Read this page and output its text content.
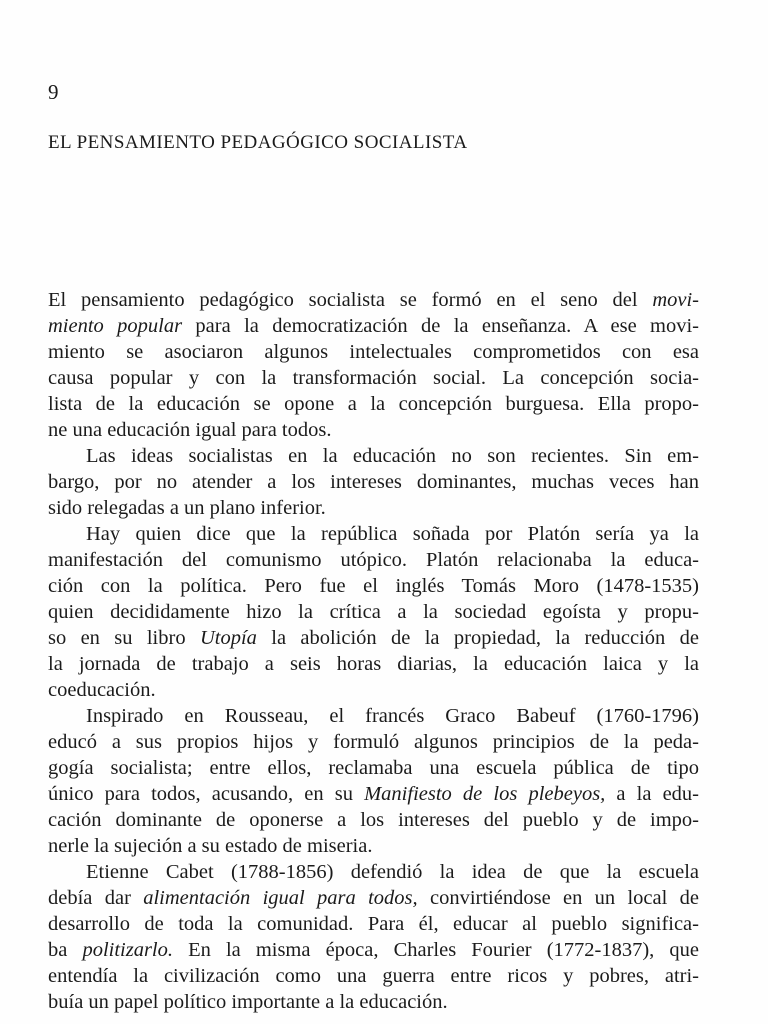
9
EL PENSAMIENTO PEDAGÓGICO SOCIALISTA
El pensamiento pedagógico socialista se formó en el seno del movi-
miento popular para la democratización de la enseñanza. A ese movi-
miento se asociaron algunos intelectuales comprometidos con esa
causa popular y con la transformación social. La concepción socia-
lista de la educación se opone a la concepción burguesa. Ella propo-
ne una educación igual para todos.
Las ideas socialistas en la educación no son recientes. Sin em-
bargo, por no atender a los intereses dominantes, muchas veces han
sido relegadas a un plano inferior.
Hay quien dice que la república soñada por Platón sería ya la
manifestación del comunismo utópico. Platón relacionaba la educa-
ción con la política. Pero fue el inglés Tomás Moro (1478-1535)
quien decididamente hizo la crítica a la sociedad egoísta y propu-
so en su libro Utopía la abolición de la propiedad, la reducción de
la jornada de trabajo a seis horas diarias, la educación laica y la
coeducación.
Inspirado en Rousseau, el francés Graco Babeuf (1760-1796)
educó a sus propios hijos y formuló algunos principios de la peda-
gogía socialista; entre ellos, reclamaba una escuela pública de tipo
único para todos, acusando, en su Manifiesto de los plebeyos, a la edu-
cación dominante de oponerse a los intereses del pueblo y de impo-
nerle la sujeción a su estado de miseria.
Etienne Cabet (1788-1856) defendió la idea de que la escuela
debía dar alimentación igual para todos, convirtiéndose en un local de
desarrollo de toda la comunidad. Para él, educar al pueblo significa-
ba politizarlo. En la misma época, Charles Fourier (1772-1837), que
entendía la civilización como una guerra entre ricos y pobres, atri-
buía un papel político importante a la educación.
